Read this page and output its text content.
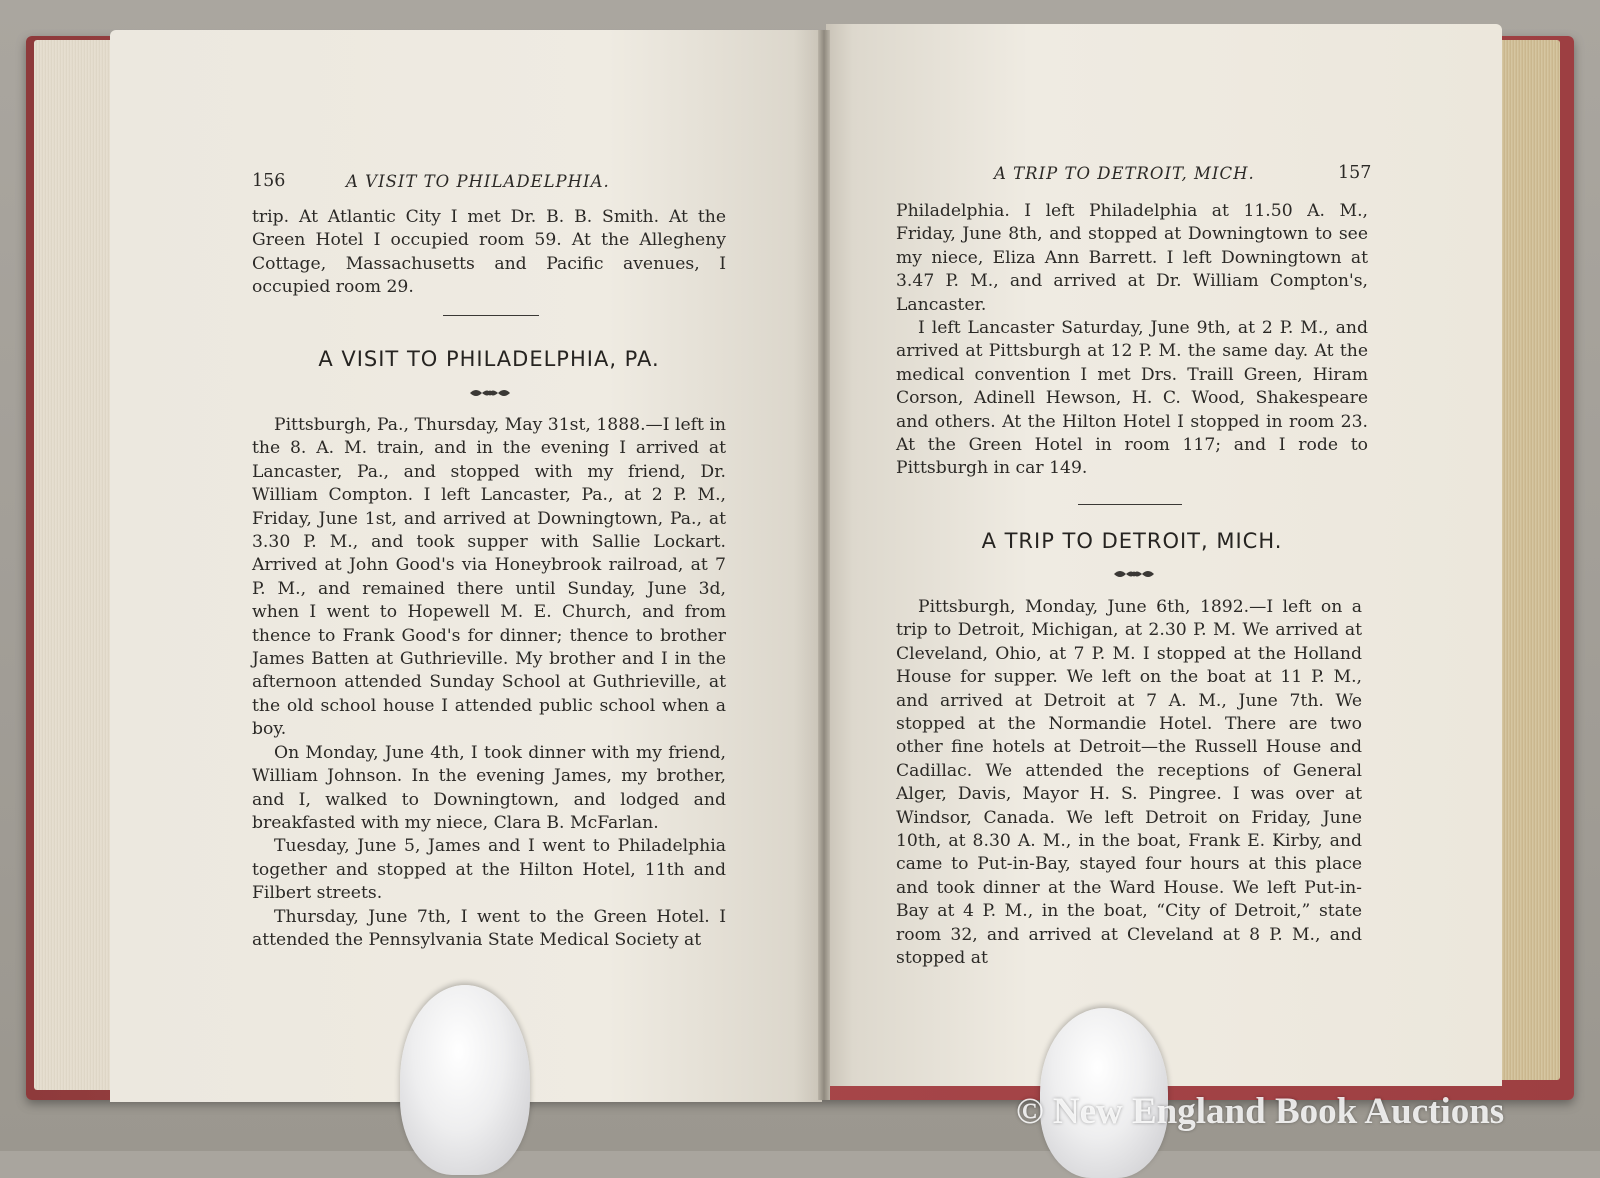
156	A VISIT TO PHILADELPHIA.

trip. At Atlantic City I met Dr. B. B. Smith. At the Green Hotel I occupied room 59. At the Allegheny Cottage, Massachusetts and Pacific avenues, I occupied room 29.

A VISIT TO PHILADELPHIA, PA.

Pittsburgh, Pa., Thursday, May 31st, 1888.—I left in the 8. A. M. train, and in the evening I arrived at Lancaster, Pa., and stopped with my friend, Dr. William Compton. I left Lancaster, Pa., at 2 P. M., Friday, June 1st, and arrived at Downingtown, Pa., at 3.30 P. M., and took supper with Sallie Lockart. Arrived at John Good's via Honeybrook railroad, at 7 P. M., and remained there until Sunday, June 3d, when I went to Hopewell M. E. Church, and from thence to Frank Good's for dinner; thence to brother James Batten at Guthrieville. My brother and I in the afternoon attended Sunday School at Guthrieville, at the old school house I attended public school when a boy.

On Monday, June 4th, I took dinner with my friend, William Johnson. In the evening James, my brother, and I, walked to Downingtown, and lodged and breakfasted with my niece, Clara B. McFarlan.

Tuesday, June 5, James and I went to Philadelphia together and stopped at the Hilton Hotel, 11th and Filbert streets.

Thursday, June 7th, I went to the Green Hotel. I attended the Pennsylvania State Medical Society at

A TRIP TO DETROIT, MICH.	157

Philadelphia. I left Philadelphia at 11.50 A. M., Friday, June 8th, and stopped at Downingtown to see my niece, Eliza Ann Barrett. I left Downingtown at 3.47 P. M., and arrived at Dr. William Compton's, Lancaster.

I left Lancaster Saturday, June 9th, at 2 P. M., and arrived at Pittsburgh at 12 P. M. the same day. At the medical convention I met Drs. Traill Green, Hiram Corson, Adinell Hewson, H. C. Wood, Shakespeare and others. At the Hilton Hotel I stopped in room 23. At the Green Hotel in room 117; and I rode to Pittsburgh in car 149.

A TRIP TO DETROIT, MICH.

Pittsburgh, Monday, June 6th, 1892.—I left on a trip to Detroit, Michigan, at 2.30 P. M. We arrived at Cleveland, Ohio, at 7 P. M. I stopped at the Holland House for supper. We left on the boat at 11 P. M., and arrived at Detroit at 7 A. M., June 7th. We stopped at the Normandie Hotel. There are two other fine hotels at Detroit—the Russell House and Cadillac. We attended the receptions of General Alger, Davis, Mayor H. S. Pingree. I was over at Windsor, Canada. We left Detroit on Friday, June 10th, at 8.30 A. M., in the boat, Frank E. Kirby, and came to Put-in-Bay, stayed four hours at this place and took dinner at the Ward House. We left Put-in-Bay at 4 P. M., in the boat, “City of Detroit,” state room 32, and arrived at Cleveland at 8 P. M., and stopped at

© New England Book Auctions
